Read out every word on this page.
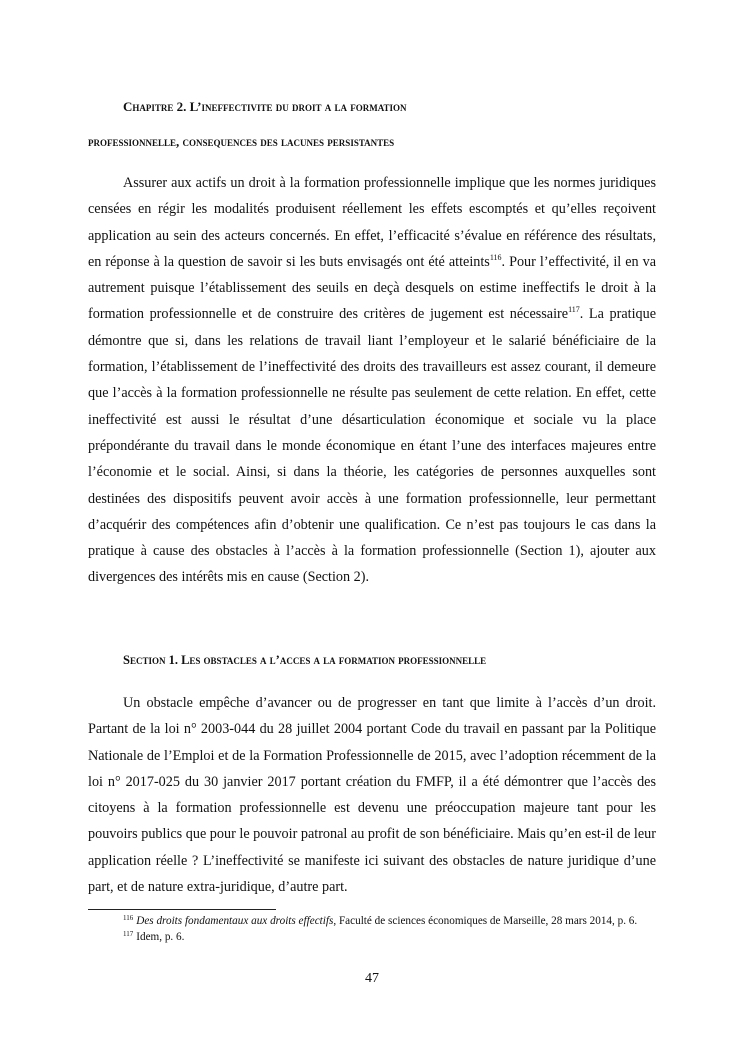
Chapitre 2. L’ineffectivite du droit a la formation
professionnelle, consequences des lacunes persistantes

Assurer aux actifs un droit à la formation professionnelle implique que les normes juridiques censées en régir les modalités produisent réellement les effets escomptés et qu’elles reçoivent application au sein des acteurs concernés. En effet, l’efficacité s’évalue en référence des résultats, en réponse à la question de savoir si les buts envisagés ont été atteints$^{116}$. Pour l’effectivité, il en va autrement puisque l’établissement des seuils en deçà desquels on estime ineffectifs le droit à la formation professionnelle et de construire des critères de jugement est nécessaire$^{117}$. La pratique démontre que si, dans les relations de travail liant l’employeur et le salarié bénéficiaire de la formation, l’établissement de l’ineffectivité des droits des travailleurs est assez courant, il demeure que l’accès à la formation professionnelle ne résulte pas seulement de cette relation. En effet, cette ineffectivité est aussi le résultat d’une désarticulation économique et sociale vu la place prépondérante du travail dans le monde économique en étant l’une des interfaces majeures entre l’économie et le social. Ainsi, si dans la théorie, les catégories de personnes auxquelles sont destinées des dispositifs peuvent avoir accès à une formation professionnelle, leur permettant d’acquérir des compétences afin d’obtenir une qualification. Ce n’est pas toujours le cas dans la pratique à cause des obstacles à l’accès à la formation professionnelle (Section 1), ajouter aux divergences des intérêts mis en cause (Section 2).

Section 1. Les obstacles a l’acces a la formation professionnelle

Un obstacle empêche d’avancer ou de progresser en tant que limite à l’accès d’un droit. Partant de la loi n° 2003-044 du 28 juillet 2004 portant Code du travail en passant par la Politique Nationale de l’Emploi et de la Formation Professionnelle de 2015, avec l’adoption récemment de la loi n° 2017-025 du 30 janvier 2017 portant création du FMFP, il a été démontrer que l’accès des citoyens à la formation professionnelle est devenu une préoccupation majeure tant pour les pouvoirs publics que pour le pouvoir patronal au profit de son bénéficiaire. Mais qu’en est-il de leur application réelle ? L’ineffectivité se manifeste ici suivant des obstacles de nature juridique d’une part, et de nature extra-juridique, d’autre part.

$^{116}$ Des droits fondamentaux aux droits effectifs, Faculté de sciences économiques de Marseille, 28 mars 2014, p. 6.

$^{117}$ Idem, p. 6.

47
